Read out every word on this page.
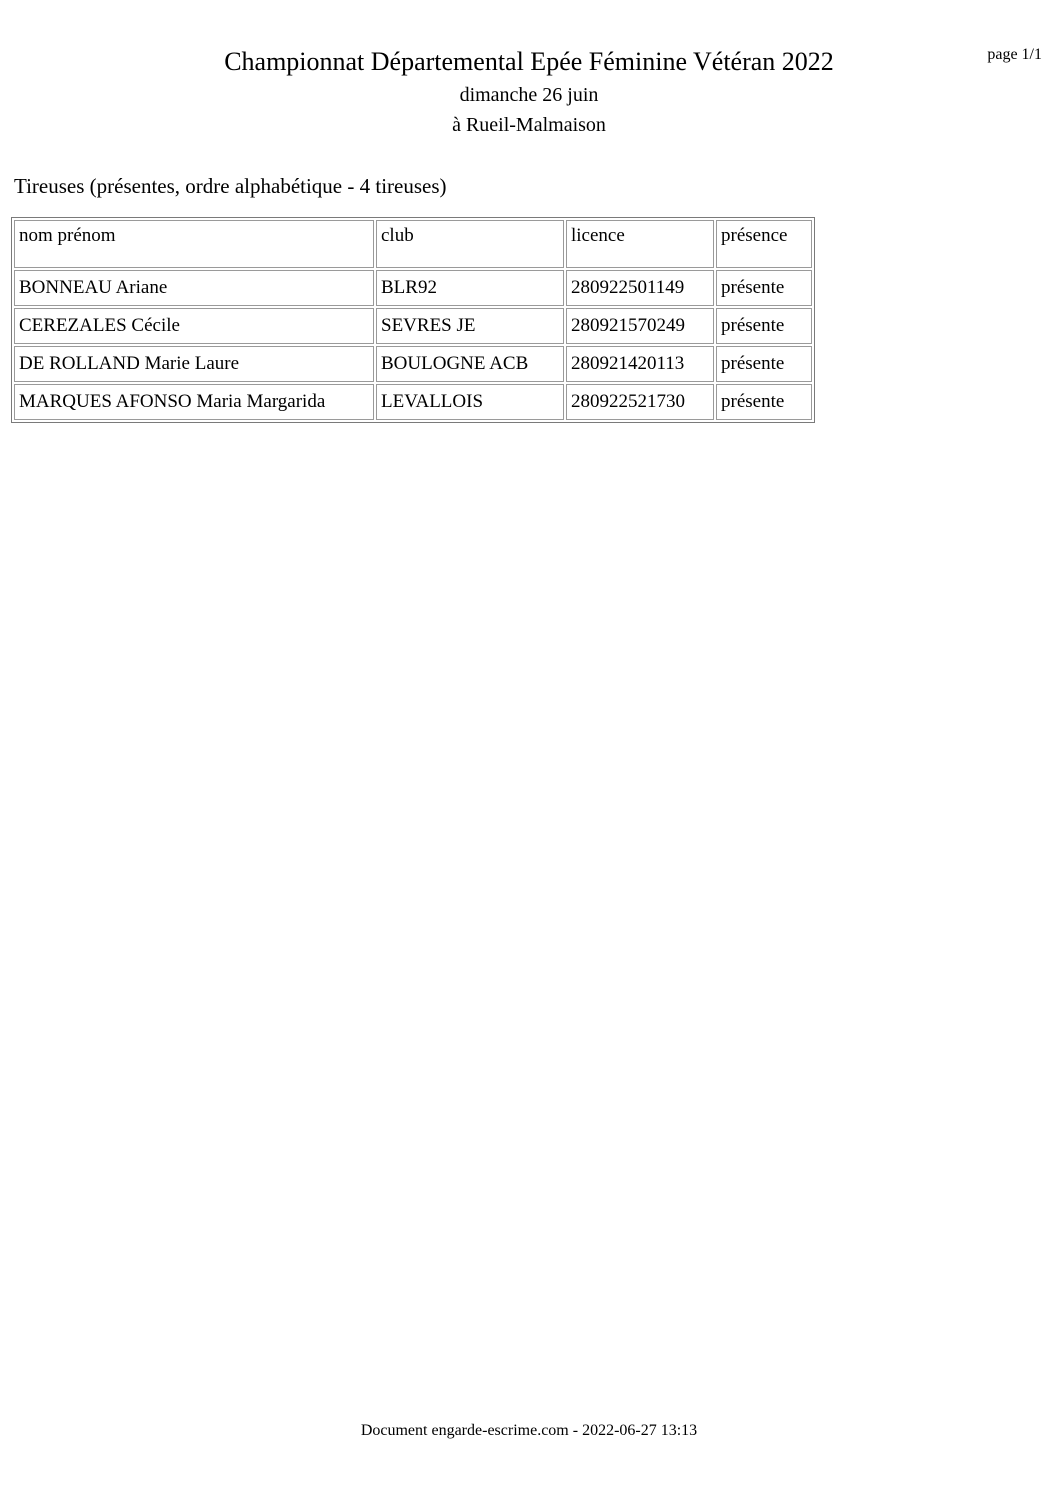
page 1/1
Championnat Départemental Epée Féminine Vétéran 2022
dimanche 26 juin
à Rueil-Malmaison
Tireuses (présentes, ordre alphabétique - 4 tireuses)
nom prénom	club	licence	présence
BONNEAU Ariane	BLR92	280922501149	présente
CEREZALES Cécile	SEVRES JE	280921570249	présente
DE ROLLAND Marie Laure	BOULOGNE ACB	280921420113	présente
MARQUES AFONSO Maria Margarida	LEVALLOIS	280922521730	présente
Document engarde-escrime.com - 2022-06-27 13:13
